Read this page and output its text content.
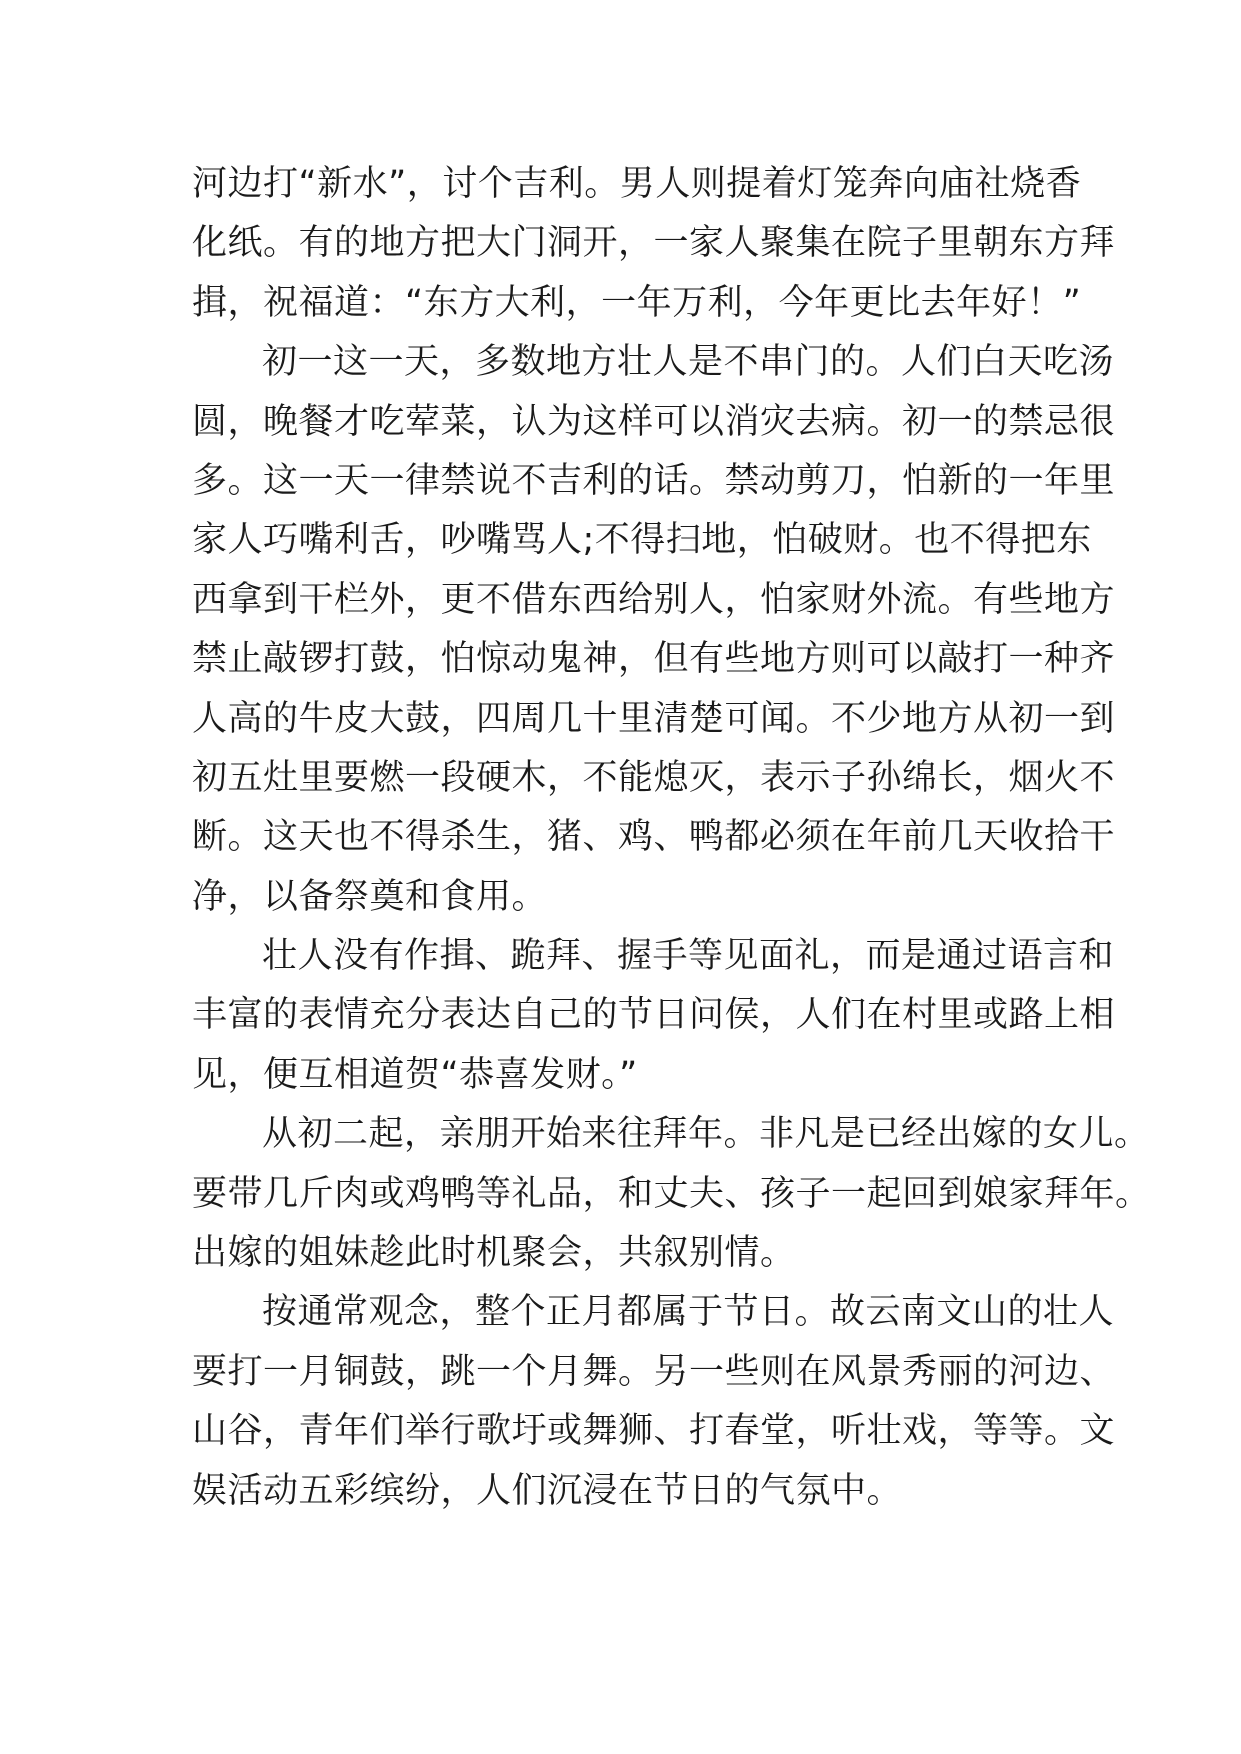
河边打“新水”，讨个吉利。男人则提着灯笼奔向庙社烧香
化纸。有的地方把大门洞开，一家人聚集在院子里朝东方拜
揖，祝福道：“东方大利，一年万利，今年更比去年好！”
初一这一天，多数地方壮人是不串门的。人们白天吃汤
圆，晚餐才吃荤菜，认为这样可以消灾去病。初一的禁忌很
多。这一天一律禁说不吉利的话。禁动剪刀，怕新的一年里
家人巧嘴利舌，吵嘴骂人;不得扫地，怕破财。也不得把东
西拿到干栏外，更不借东西给别人，怕家财外流。有些地方
禁止敲锣打鼓，怕惊动鬼神，但有些地方则可以敲打一种齐
人高的牛皮大鼓，四周几十里清楚可闻。不少地方从初一到
初五灶里要燃一段硬木，不能熄灭，表示子孙绵长，烟火不
断。这天也不得杀生，猪、鸡、鸭都必须在年前几天收拾干
净，以备祭奠和食用。
壮人没有作揖、跪拜、握手等见面礼，而是通过语言和
丰富的表情充分表达自己的节日问侯，人们在村里或路上相
见，便互相道贺“恭喜发财。”
从初二起，亲朋开始来往拜年。非凡是已经出嫁的女儿。
要带几斤肉或鸡鸭等礼品，和丈夫、孩子一起回到娘家拜年。
出嫁的姐妹趁此时机聚会，共叙别情。
按通常观念，整个正月都属于节日。故云南文山的壮人
要打一月铜鼓，跳一个月舞。另一些则在风景秀丽的河边、
山谷，青年们举行歌圩或舞狮、打春堂，听壮戏，等等。文
娱活动五彩缤纷，人们沉浸在节日的气氛中。
